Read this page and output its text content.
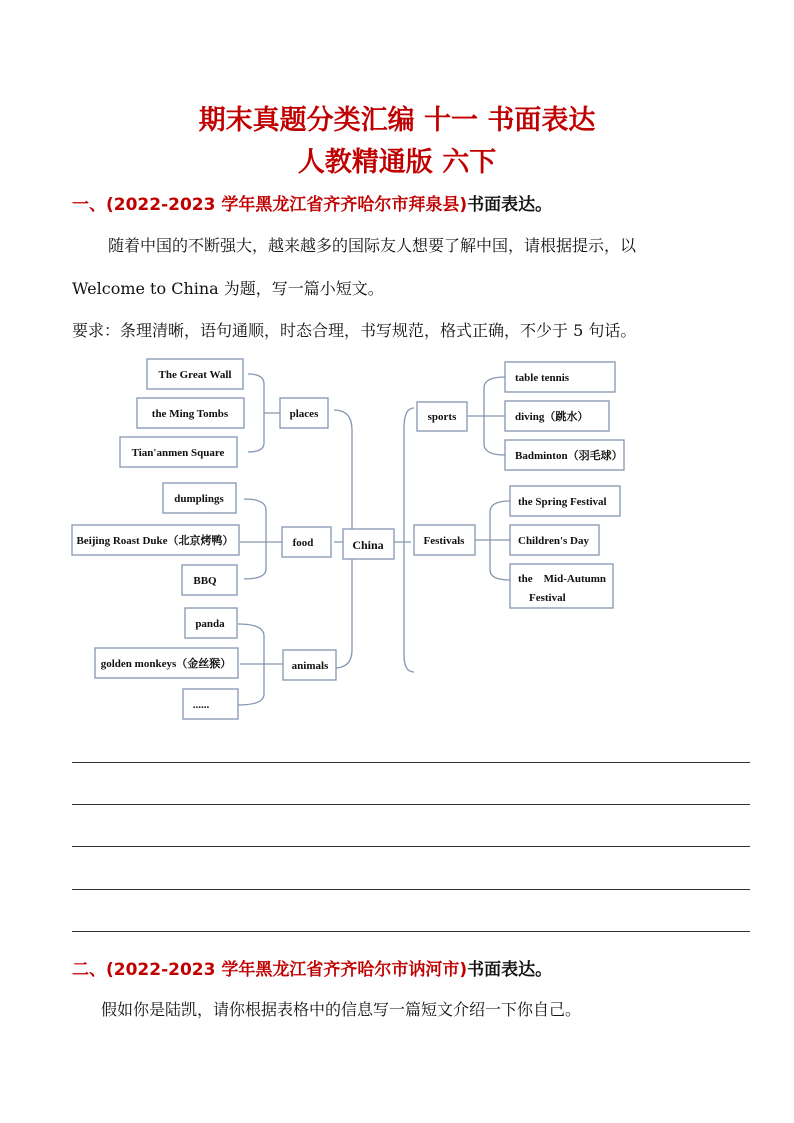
期末真题分类汇编 十一 书面表达
人教精通版 六下
一、(2022-2023 学年黑龙江省齐齐哈尔市拜泉县)书面表达。
随着中国的不断强大，越来越多的国际友人想要了解中国，请根据提示，以
Welcome to China 为题，写一篇小短文。
要求：条理清晰，语句通顺，时态合理，书写规范，格式正确，不少于 5 句话。
The Great Wall
the Ming Tombs
Tian'anmen Square
places
dumplings
Beijing Roast Duke（北京烤鸭）
BBQ
food
panda
golden monkeys（金丝猴）
......
animals
China
sports
table tennis
diving（跳水）
Badminton（羽毛球）
Festivals
the Spring Festival
Children's Day
the    Mid-Autumn
Festival
二、(2022-2023 学年黑龙江省齐齐哈尔市讷河市)书面表达。
假如你是陆凯，请你根据表格中的信息写一篇短文介绍一下你自己。
